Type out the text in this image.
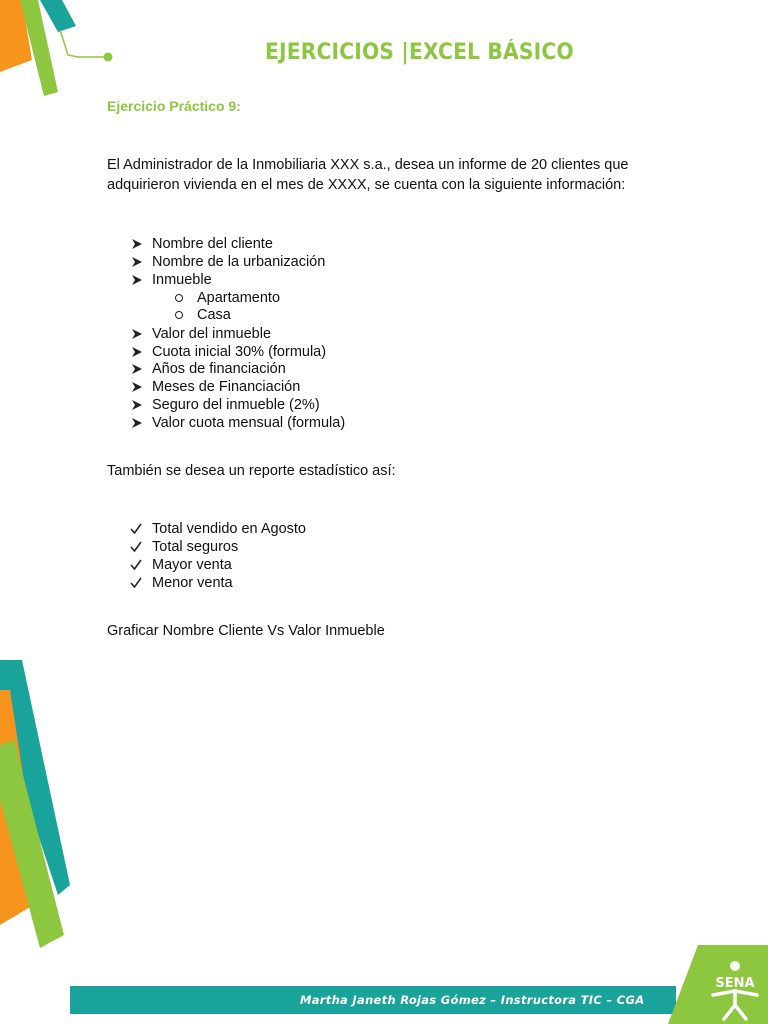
EJERCICIOS |EXCEL BÁSICO
Ejercicio Práctico 9:
El Administrador de la Inmobiliaria XXX s.a., desea un informe de 20 clientes que adquirieron vivienda en el mes de XXXX, se cuenta con la siguiente información:
Nombre del cliente
Nombre de la urbanización
Inmueble
Apartamento
Casa
Valor del inmueble
Cuota inicial 30% (formula)
Años de financiación
Meses de Financiación
Seguro del inmueble (2%)
Valor cuota mensual (formula)
También se desea un reporte estadístico así:
Total vendido en Agosto
Total seguros
Mayor venta
Menor venta
Graficar Nombre Cliente Vs Valor Inmueble
Martha Janeth Rojas Gómez – Instructora TIC – CGA
SENA
